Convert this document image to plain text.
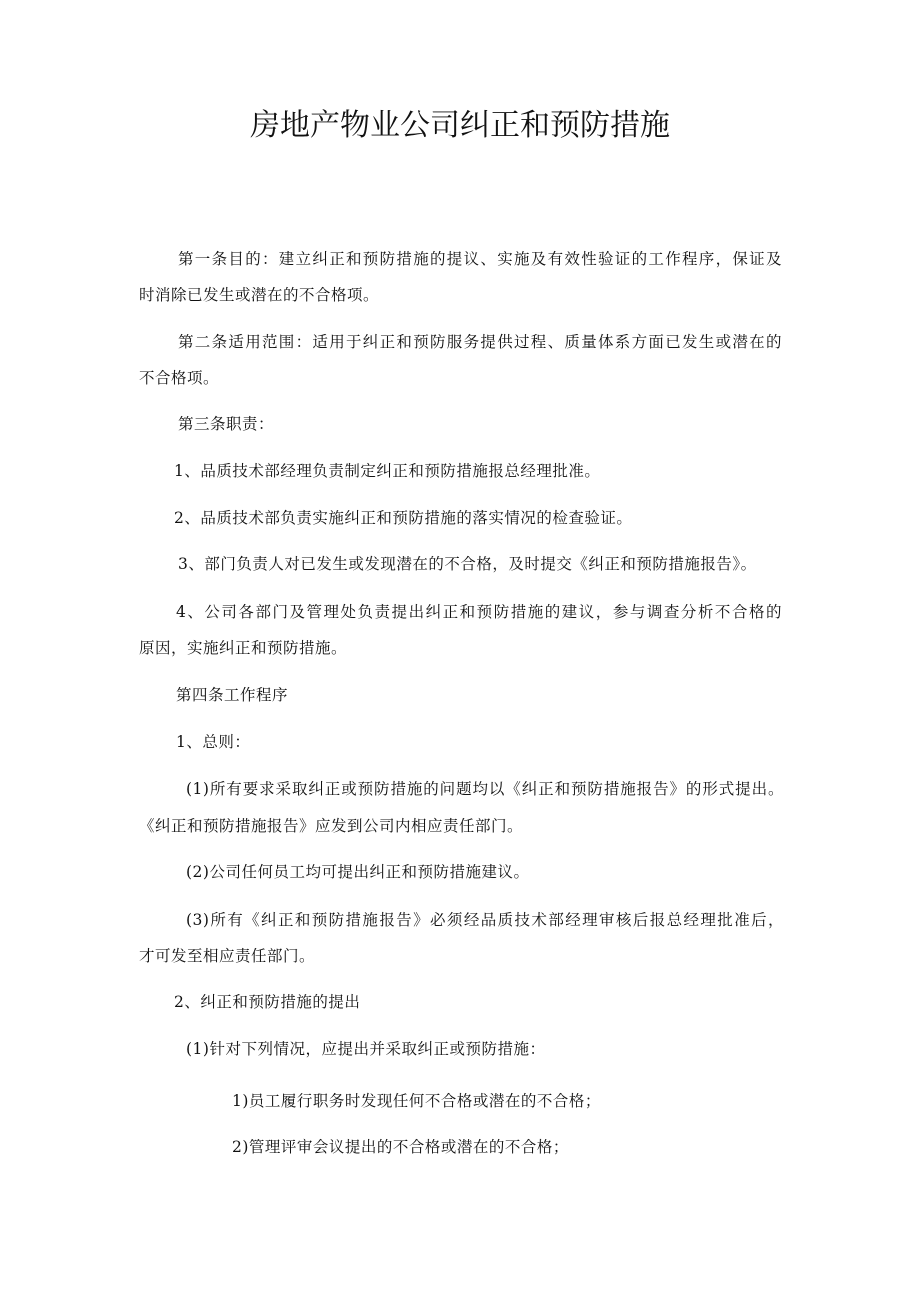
房地产物业公司纠正和预防措施

第一条目的：建立纠正和预防措施的提议、实施及有效性验证的工作程序，保证及

时消除已发生或潜在的不合格项。

第二条适用范围：适用于纠正和预防服务提供过程、质量体系方面已发生或潜在的

不合格项。

第三条职责：

1、品质技术部经理负责制定纠正和预防措施报总经理批准。

2、品质技术部负责实施纠正和预防措施的落实情况的检查验证。

3、部门负责人对已发生或发现潜在的不合格，及时提交《纠正和预防措施报告》。

4、公司各部门及管理处负责提出纠正和预防措施的建议，参与调查分析不合格的

原因，实施纠正和预防措施。

第四条工作程序

1、总则：

(1)所有要求采取纠正或预防措施的问题均以《纠正和预防措施报告》的形式提出。

《纠正和预防措施报告》应发到公司内相应责任部门。

(2)公司任何员工均可提出纠正和预防措施建议。

(3)所有《纠正和预防措施报告》必须经品质技术部经理审核后报总经理批准后，

才可发至相应责任部门。

2、纠正和预防措施的提出

(1)针对下列情况，应提出并采取纠正或预防措施：

1)员工履行职务时发现任何不合格或潜在的不合格；

2)管理评审会议提出的不合格或潜在的不合格；
